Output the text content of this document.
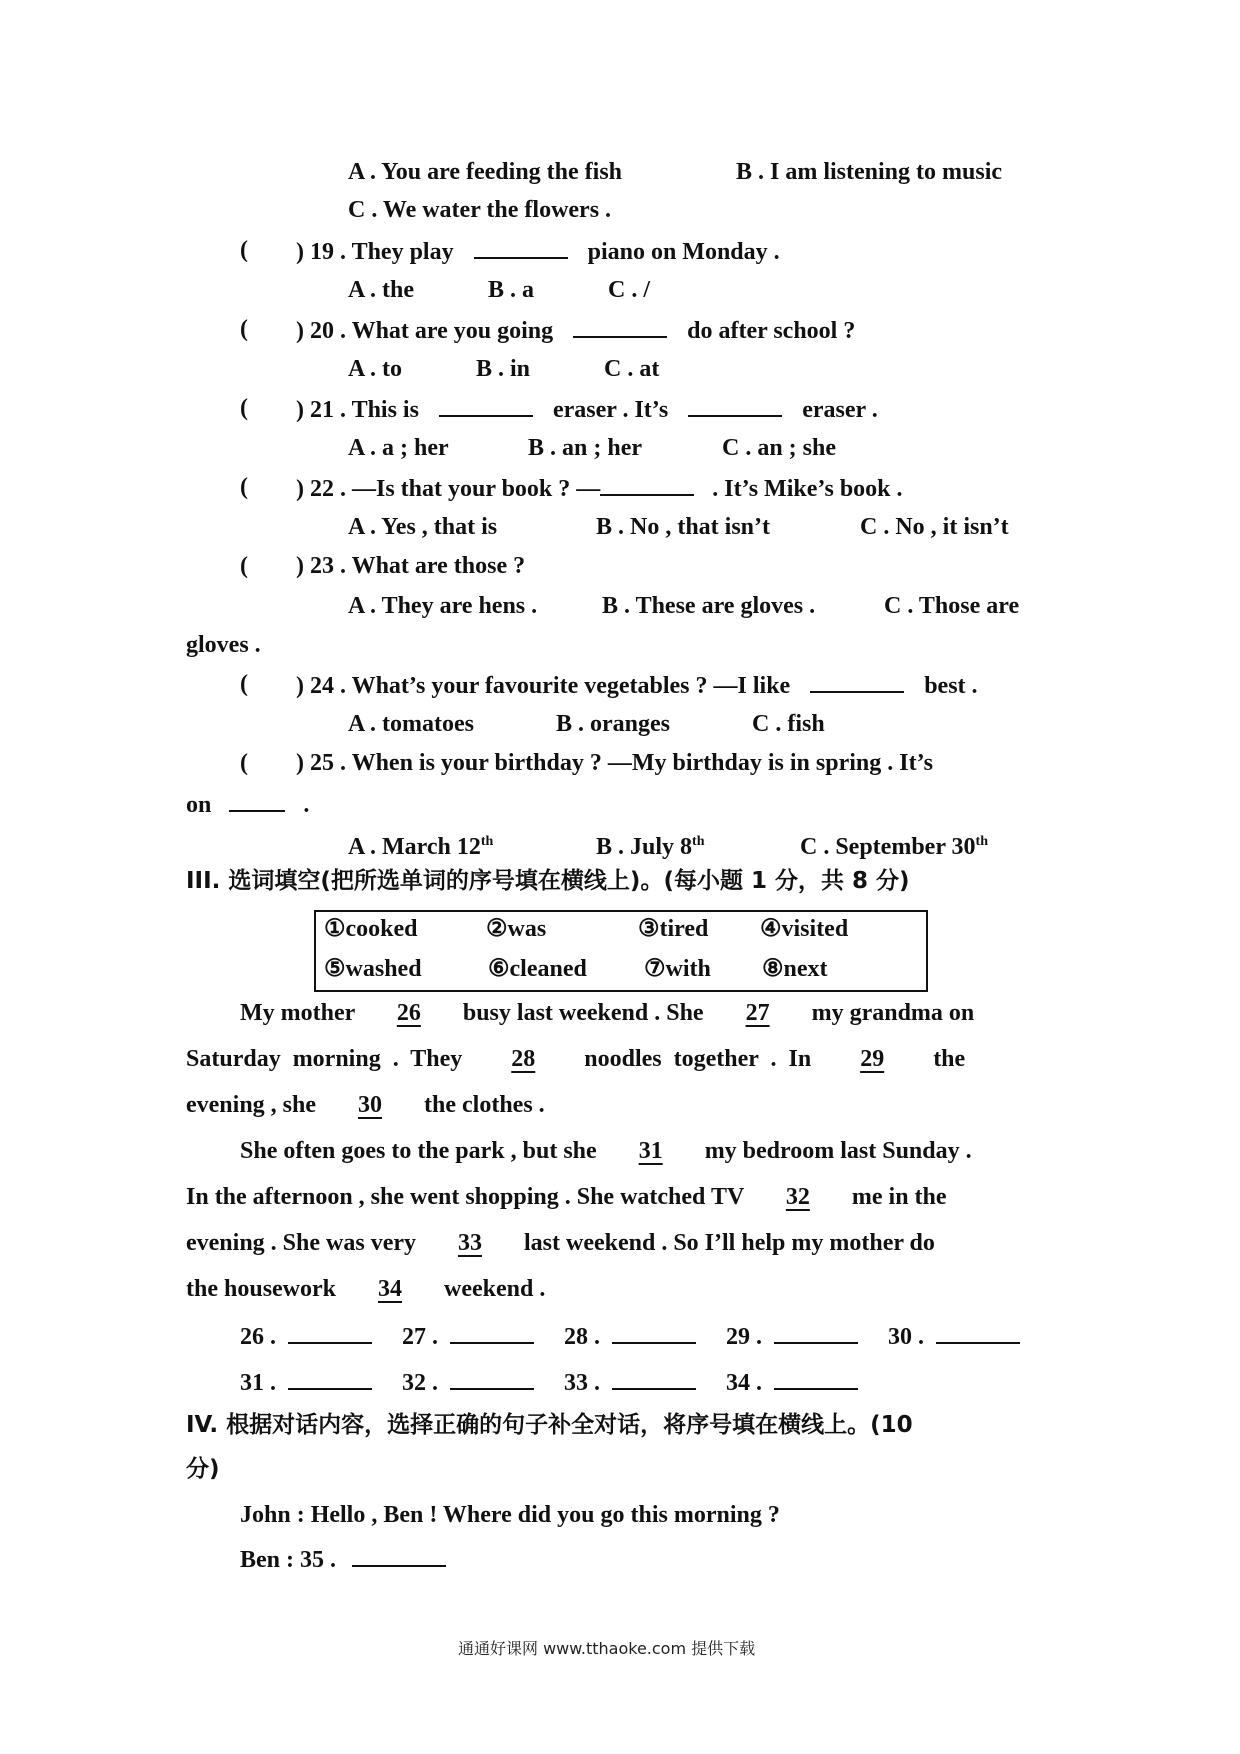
A . You are feeding the fish	B . I am listening to music
C . We water the flowers .
( ) 19 . They play	piano on Monday .
A . the	B . a	C . /
( ) 20 . What are you going	do after school ?
A . to	B . in	C . at
( ) 21 . This is	eraser . It’s	eraser .
A . a ; her	B . an ; her	C . an ; she
( ) 22 . —Is that your book ? —	. It’s Mike’s book .
A . Yes , that is	B . No , that isn’t	C . No , it isn’t
( ) 23 . What are those ?
A . They are hens .	B . These are gloves .	C . Those are
gloves .
( ) 24 . What’s your favourite vegetables ? —I like	best .
A . tomatoes	B . oranges	C . fish
( ) 25 . When is your birthday ? —My birthday is in spring . It’s
on	.
A . March 12th	B . July 8th	C . September 30th
III. 选词填空(把所选单词的序号填在横线上)。(每小题 1 分，共 8 分)
①cooked	②was	③tired ④visited
⑤washed	⑥cleaned ⑦with ⑧next
My mother 26 busy last weekend . She 27 my grandma on
Saturday  morning  .  They 28 noodles  together  .  In 29 the
evening , she 30 the clothes .
She often goes to the park , but she 31 my bedroom last Sunday .
In the afternoon , she went shopping . She watched TV 32 me in the
evening . She was very 33 last weekend . So I’ll help my mother do
the housework 34 weekend .
26 .	27 .	28 .	29 .	30 .
31 .	32 .	33 .	34 .
IV. 根据对话内容，选择正确的句子补全对话，将序号填在横线上。(10
分)
John : Hello , Ben ! Where did you go this morning ?
Ben : 35 .
通通好课网 www.tthaoke.com 提供下载
